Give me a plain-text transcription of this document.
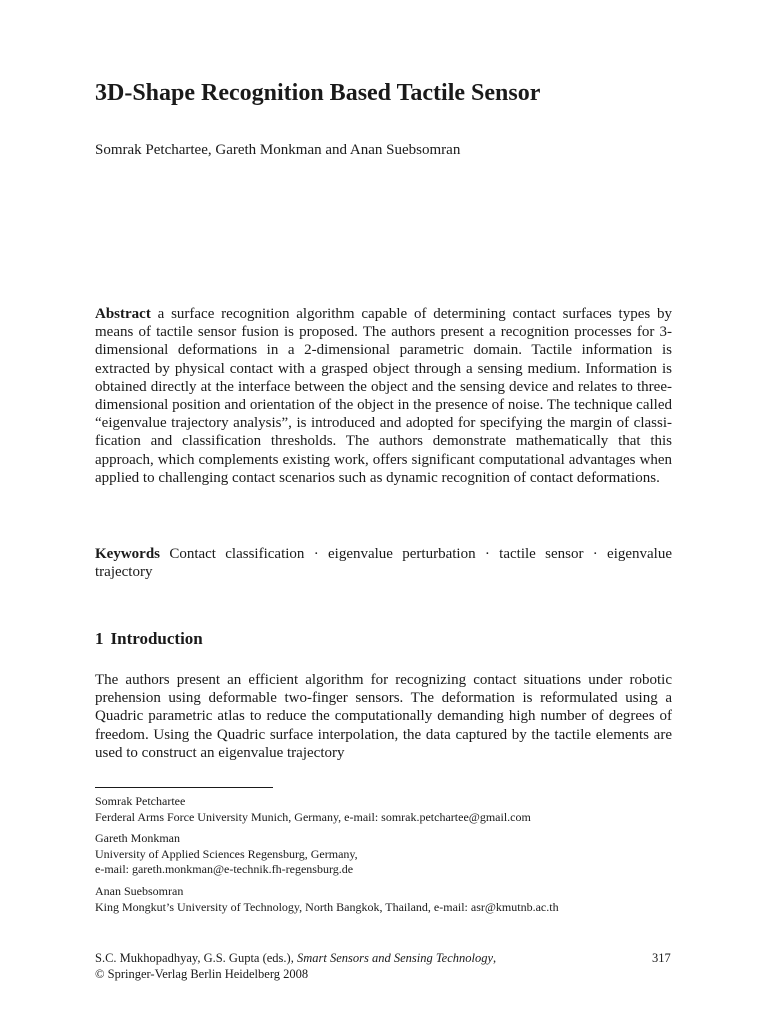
3D-Shape Recognition Based Tactile Sensor
Somrak Petchartee, Gareth Monkman and Anan Suebsomran
Abstract a surface recognition algorithm capable of determining contact surfaces types by means of tactile sensor fusion is proposed. The authors present a recognition processes for 3-dimensional deformations in a 2-dimensional parametric domain. Tactile information is extracted by physical contact with a grasped object through a sensing medium. Information is obtained directly at the interface between the object and the sensing device and relates to three-dimensional position and orientation of the object in the presence of noise. The technique called “eigenvalue trajectory analysis”, is introduced and adopted for specifying the margin of classification and classification thresholds. The authors demonstrate mathematically that this approach, which complements existing work, offers significant computational advantages when applied to challenging contact scenarios such as dynamic recognition of contact deformations.
Keywords Contact classification · eigenvalue perturbation · tactile sensor · eigenvalue trajectory
1 Introduction
The authors present an efficient algorithm for recognizing contact situations under robotic prehension using deformable two-finger sensors. The deformation is reformulated using a Quadric parametric atlas to reduce the computationally demanding high number of degrees of freedom. Using the Quadric surface interpolation, the data captured by the tactile elements are used to construct an eigenvalue trajectory
Somrak Petchartee
Ferderal Arms Force University Munich, Germany, e-mail: somrak.petchartee@gmail.com
Gareth Monkman
University of Applied Sciences Regensburg, Germany,
e-mail: gareth.monkman@e-technik.fh-regensburg.de
Anan Suebsomran
King Mongkut’s University of Technology, North Bangkok, Thailand, e-mail: asr@kmutnb.ac.th
S.C. Mukhopadhyay, G.S. Gupta (eds.), Smart Sensors and Sensing Technology,
© Springer-Verlag Berlin Heidelberg 2008
317
